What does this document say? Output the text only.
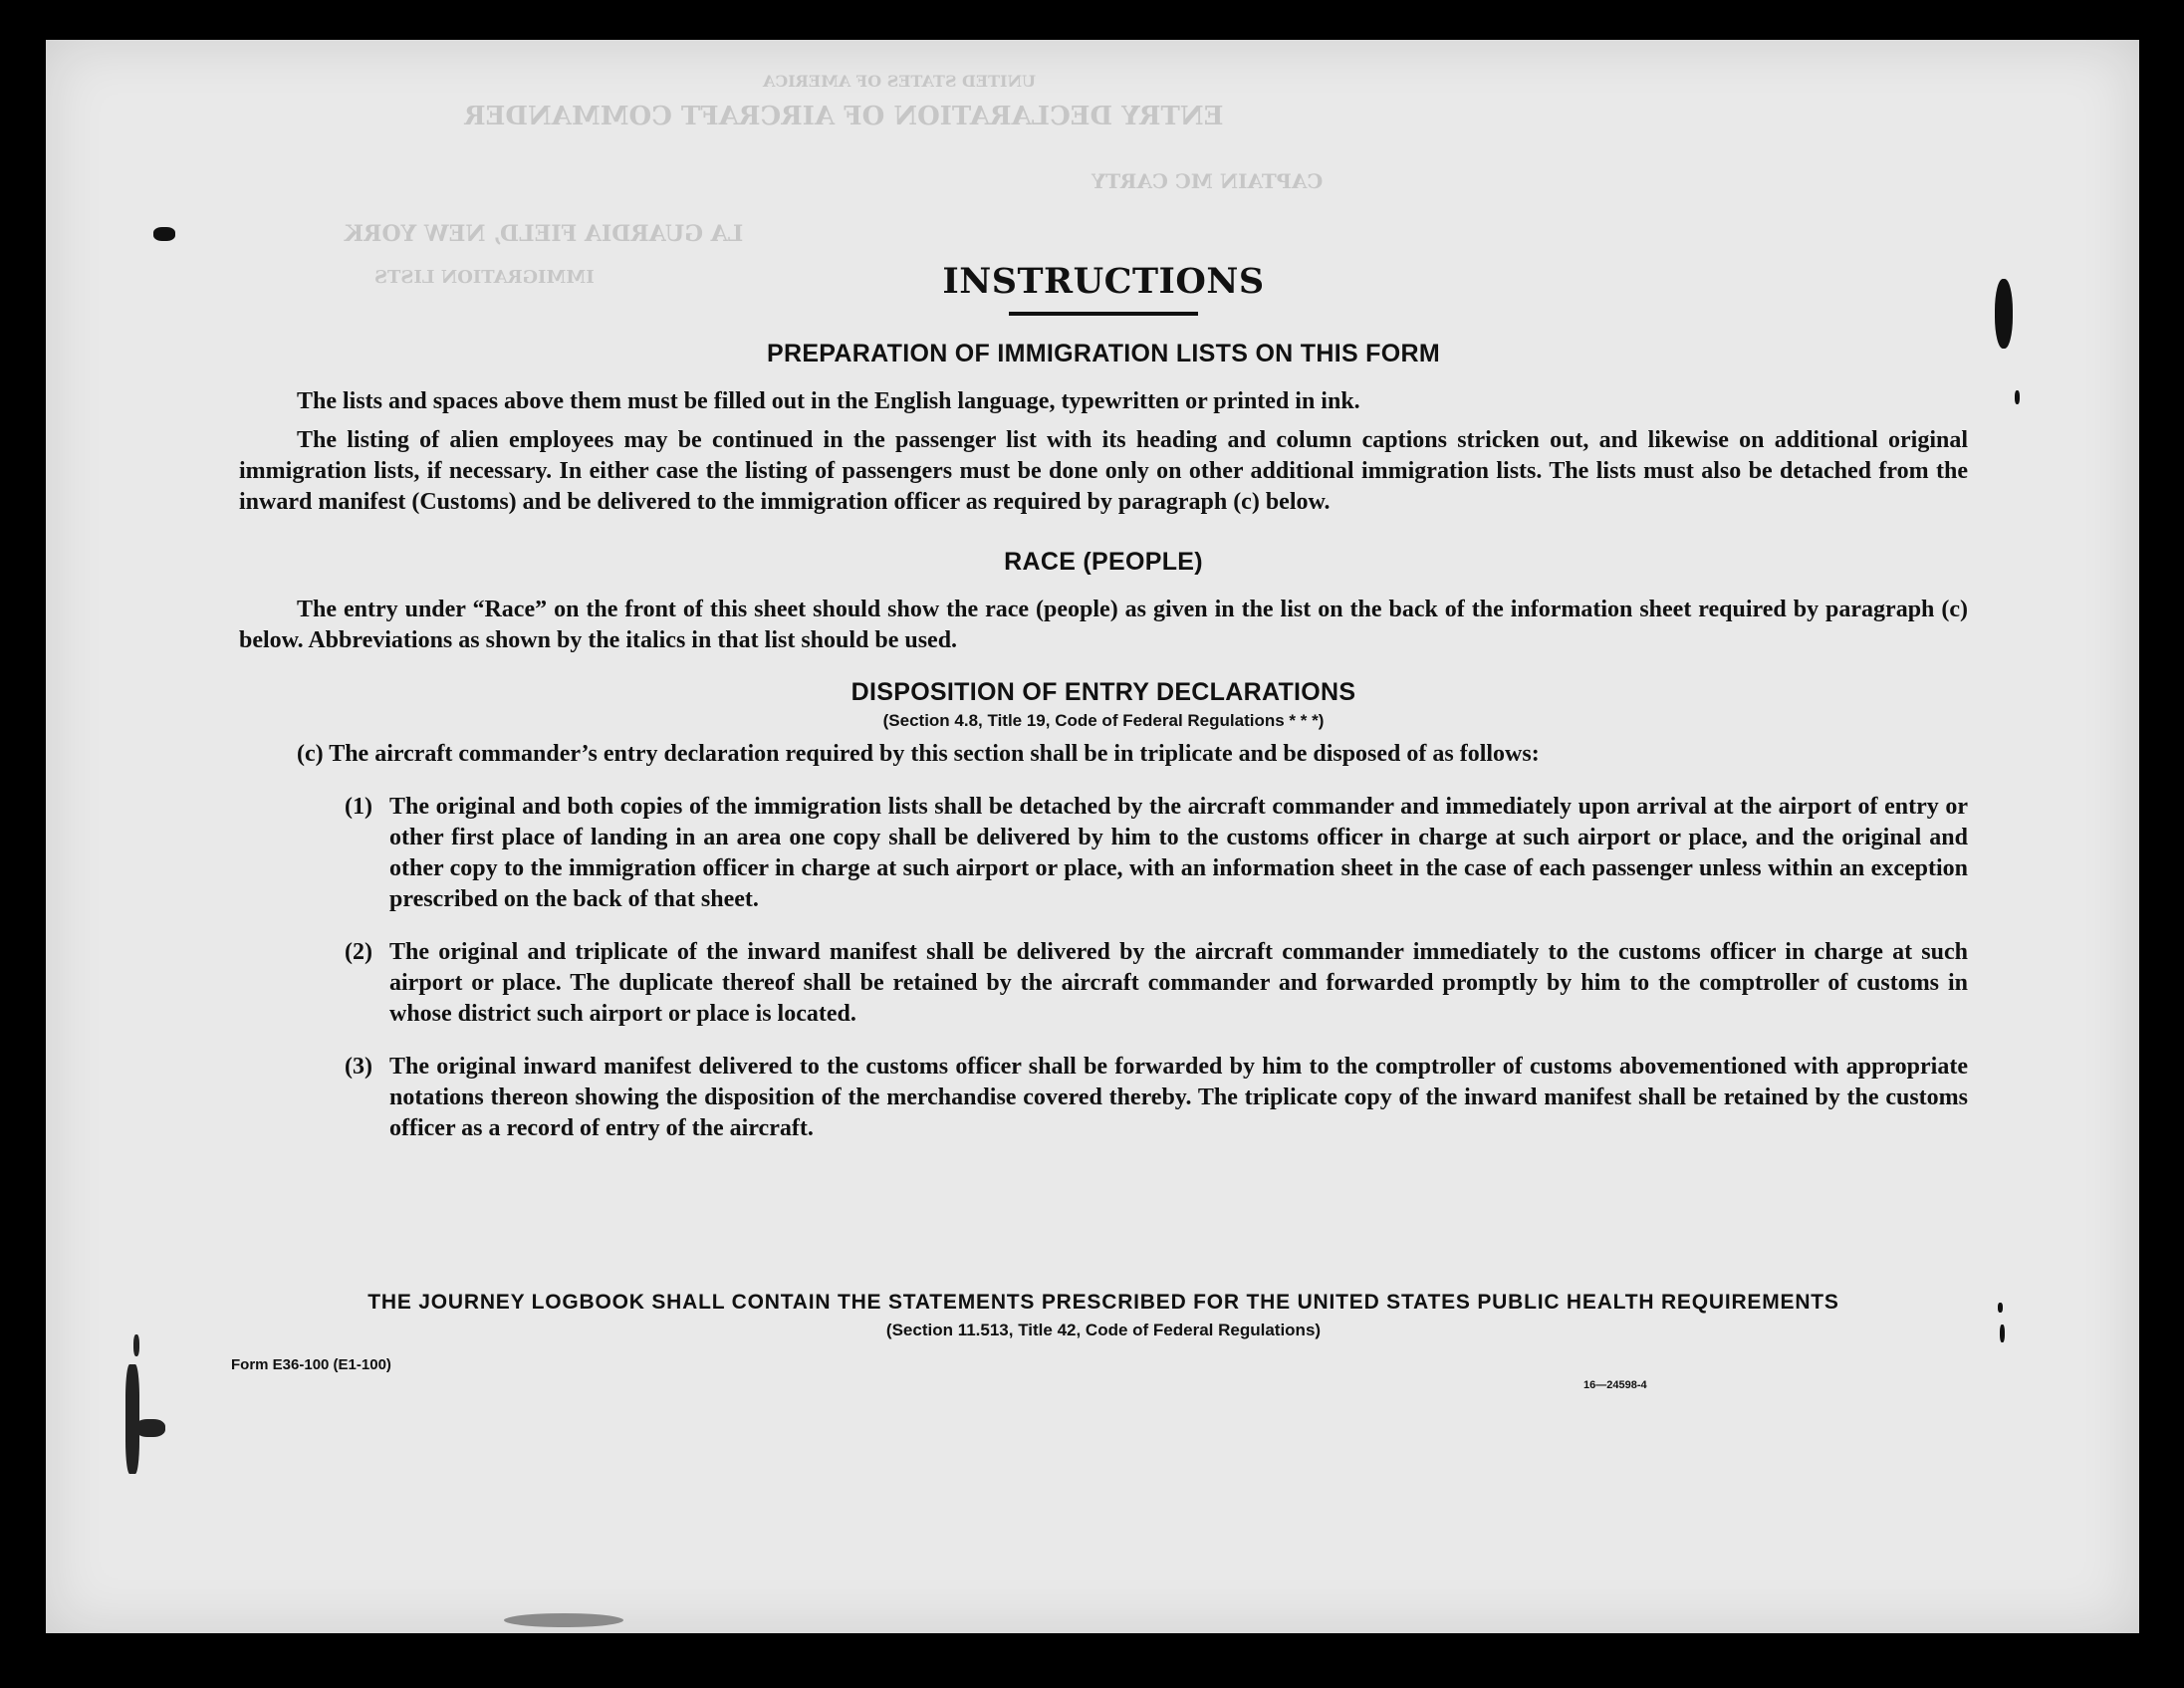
ENTRY DECLARATION OF AIRCRAFT COMMANDER
UNITED STATES OF AMERICA
LA GUARDIA FIELD, NEW YORK
CAPTAIN MC CARTY
IMMIGRATION LISTS	INSTRUCTIONS
PREPARATION OF IMMIGRATION LISTS ON THIS FORM

The lists and spaces above them must be filled out in the English language, typewritten or printed in ink.

The listing of alien employees may be continued in the passenger list with its heading and column captions stricken out, and likewise on additional original immigration lists, if necessary. In either case the listing of passengers must be done only on other additional immigration lists. The lists must also be detached from the inward manifest (Customs) and be delivered to the immigration officer as required by paragraph (c) below.

RACE (PEOPLE)

The entry under “Race” on the front of this sheet should show the race (people) as given in the list on the back of the information sheet required by paragraph (c) below. Abbreviations as shown by the italics in that list should be used.

DISPOSITION OF ENTRY DECLARATIONS
(Section 4.8, Title 19, Code of Federal Regulations * * *)

(c) The aircraft commander’s entry declaration required by this section shall be in triplicate and be disposed of as follows:

(1) The original and both copies of the immigration lists shall be detached by the aircraft commander and immediately upon arrival at the airport of entry or other first place of landing in an area one copy shall be delivered by him to the customs officer in charge at such airport or place, and the original and other copy to the immigration officer in charge at such airport or place, with an information sheet in the case of each passenger unless within an exception prescribed on the back of that sheet.
(2) The original and triplicate of the inward manifest shall be delivered by the aircraft commander immediately to the customs officer in charge at such airport or place. The duplicate thereof shall be retained by the aircraft commander and forwarded promptly by him to the comptroller of customs in whose district such airport or place is located.
(3) The original inward manifest delivered to the customs officer shall be forwarded by him to the comptroller of customs abovementioned with appropriate notations thereon showing the disposition of the merchandise covered thereby. The triplicate copy of the inward manifest shall be retained by the customs officer as a record of entry of the aircraft.
THE JOURNEY LOGBOOK SHALL CONTAIN THE STATEMENTS PRESCRIBED FOR THE UNITED STATES PUBLIC HEALTH REQUIREMENTS
(Section 11.513, Title 42, Code of Federal Regulations)
Form E36-100 (E1-100)
16—24598-4
